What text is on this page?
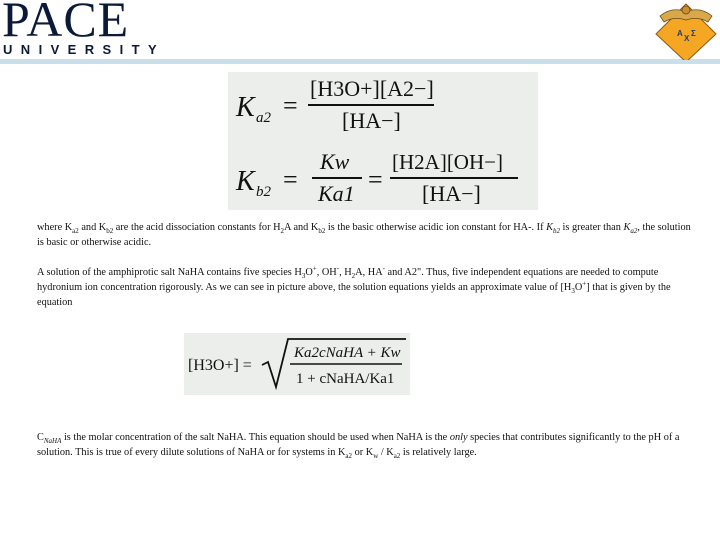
PACE
UNIVERSITY
A
X
Σ
K a2 =
[H3O+][A2−]
[HA−]
K b2 =
Kw
Ka1 =
[H2A][OH−]
[HA−]
where $K_{a2}$ and $K_{b2}$ are the acid dissociation constants for $H_2A$ and $K_{b2}$ is the basic otherwise acidic ion constant for HA-. If $K_{b2}$ is greater than $K_{a2}$, the solution is basic or otherwise acidic.
A solution of the amphiprotic salt NaHA contains five species $H_3O^+$, OH-, $H_2A$, HA- and A2". Thus, five independent equations are needed to compute hydronium ion concentration rigorously. As we can see in picture above, the solution equations yields an approximate value of $[H_3O^+]$ that is given by the equation
[H3O+] =
Ka2cNaHA + Kw
1 + cNaHA/Ka1
$C_{NaHA}$ is the molar concentration of the salt NaHA. This equation should be used when NaHA is the only species that contributes significantly to the pH of a solution. This is true of every dilute solutions of NaHA or for systems in $K_{a2}$ or $K_w / K_{a2}$ is relatively large.
